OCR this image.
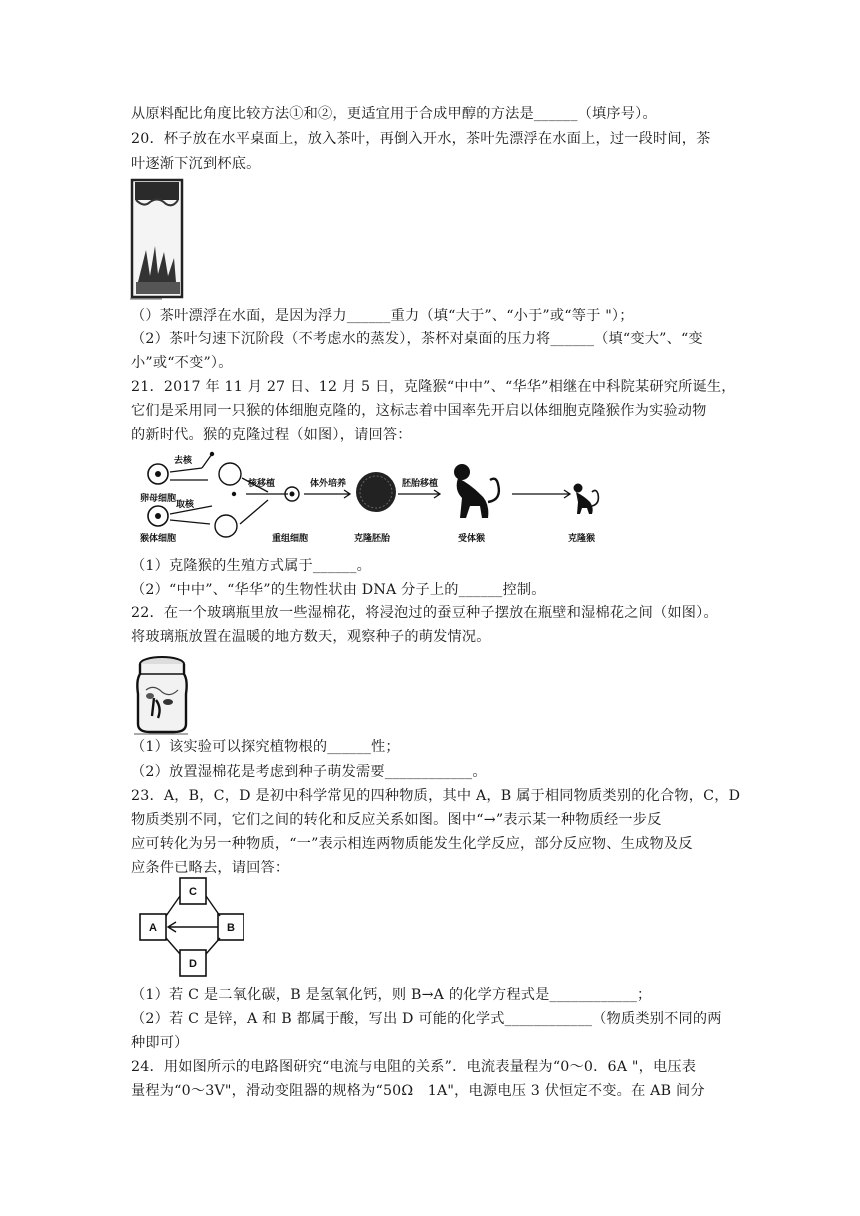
从原料配比角度比较方法①和②，更适宜用于合成甲醇的方法是______（填序号）。
20．杯子放在水平桌面上，放入茶叶，再倒入开水，茶叶先漂浮在水面上，过一段时间，茶
叶逐渐下沉到杯底。
（）茶叶漂浮在水面，是因为浮力______重力（填“大于”、“小于”或“等于 "）；
（2）茶叶匀速下沉阶段（不考虑水的蒸发），茶杯对桌面的压力将______（填“变大”、“变
小”或“不变”）。
21．2017 年 11 月 27 日、12 月 5 日，克隆猴“中中”、“华华”相继在中科院某研究所诞生，
它们是采用同一只猴的体细胞克隆的，这标志着中国率先开启以体细胞克隆猴作为实验动物
的新时代。猴的克隆过程（如图），请回答：
卵母细胞
猴体细胞
去核
取核
核移植
重组细胞
体外培养
克隆胚胎
胚胎移植
受体猴	克隆猴
（1）克隆猴的生殖方式属于______。
（2）“中中”、“华华”的生物性状由 DNA 分子上的______控制。
22．在一个玻璃瓶里放一些湿棉花，将浸泡过的蚕豆种子摆放在瓶壁和湿棉花之间（如图）。
将玻璃瓶放置在温暖的地方数天，观察种子的萌发情况。
（1）该实验可以探究植物根的______性；
（2）放置湿棉花是考虑到种子萌发需要____________。
23．A，B，C，D 是初中科学常见的四种物质，其中 A，B 属于相同物质类别的化合物，C，D
物质类别不同，它们之间的转化和反应关系如图。图中“→”表示某一种物质经一步反
应可转化为另一种物质，“一”表示相连两物质能发生化学反应，部分反应物、生成物及反
应条件已略去，请回答：
C
A	B
D
（1）若 C 是二氧化碳，B 是氢氧化钙，则 B→A 的化学方程式是____________；
（2）若 C 是锌，A 和 B 都属于酸，写出 D 可能的化学式____________（物质类别不同的两
种即可）
24．用如图所示的电路图研究“电流与电阻的关系”．电流表量程为“0～0．6A "，电压表
量程为“0～3V"，滑动变阻器的规格为“50Ω　1A"，电源电压 3 伏恒定不变。在 AB 间分
